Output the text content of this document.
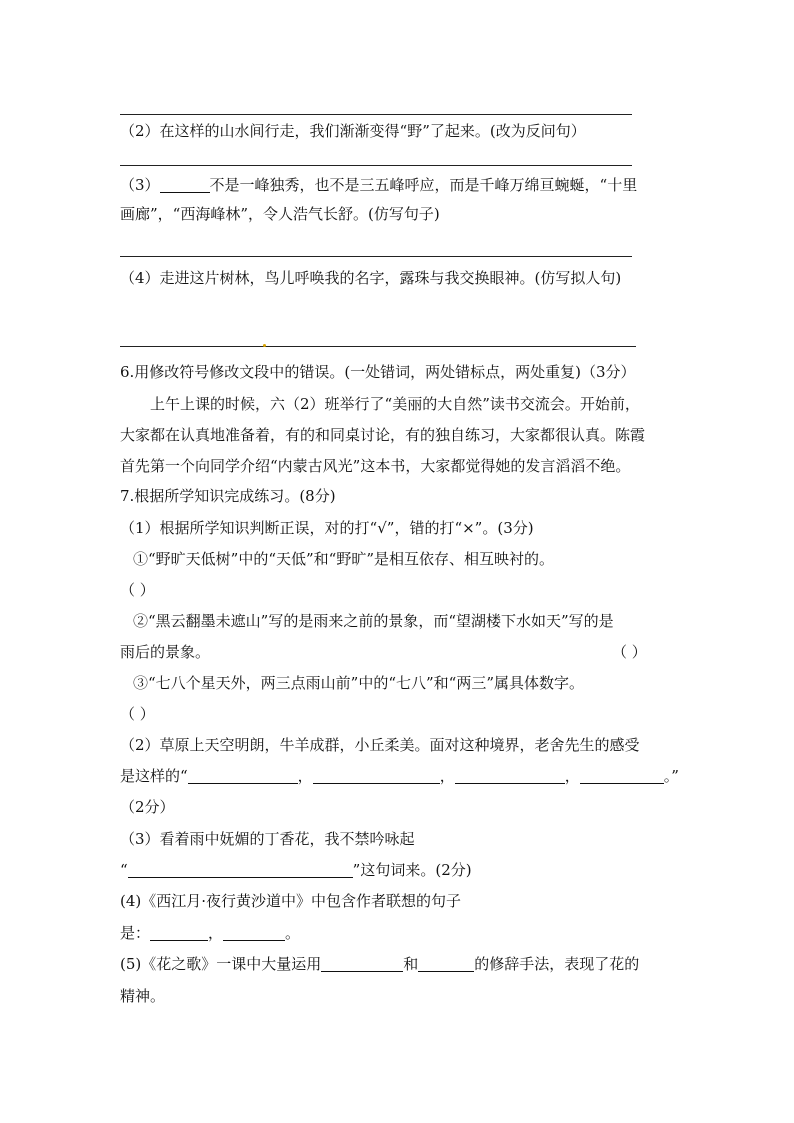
（2）在这样的山水间行走，我们渐渐变得“野”了起来。(改为反问句）
（3）	不是一峰独秀，也不是三五峰呼应，而是千峰万绵亘蜿蜒，“十里
画廊”，“西海峰林”，令人浩气长舒。(仿写句子)
（4）走进这片树林，鸟儿呼唤我的名字，露珠与我交换眼神。(仿写拟人句)
6.用修改符号修改文段中的错误。(一处错词，两处错标点，两处重复)（3分）
上午上课的时候，六（2）班举行了“美丽的大自然”读书交流会。开始前，
大家都在认真地准备着，有的和同桌讨论，有的独自练习，大家都很认真。陈霞
首先第一个向同学介绍“内蒙古风光”这本书，大家都觉得她的发言滔滔不绝。
7.根据所学知识完成练习。(8分)
（1）根据所学知识判断正误，对的打“√”，错的打“×”。(3分)
①“野旷天低树”中的“天低”和“野旷”是相互依存、相互映衬的。
（ ）
②“黑云翻墨未遮山”写的是雨来之前的景象，而“望湖楼下水如天”写的是
雨后的景象。	（ ）
③“七八个星天外，两三点雨山前”中的“七八”和“两三”属具体数字。
（ ）
（2）草原上天空明朗，牛羊成群，小丘柔美。面对这种境界，老舍先生的感受
是这样的“	，	，	，	。”
（2分）
（3）看着雨中妩媚的丁香花，我不禁吟咏起
“	”这句词来。(2分)
(4)《西江月·夜行黄沙道中》中包含作者联想的句子
是：	，	。
(5)《花之歌》一课中大量运用	和	的修辞手法，表现了花的
精神。
